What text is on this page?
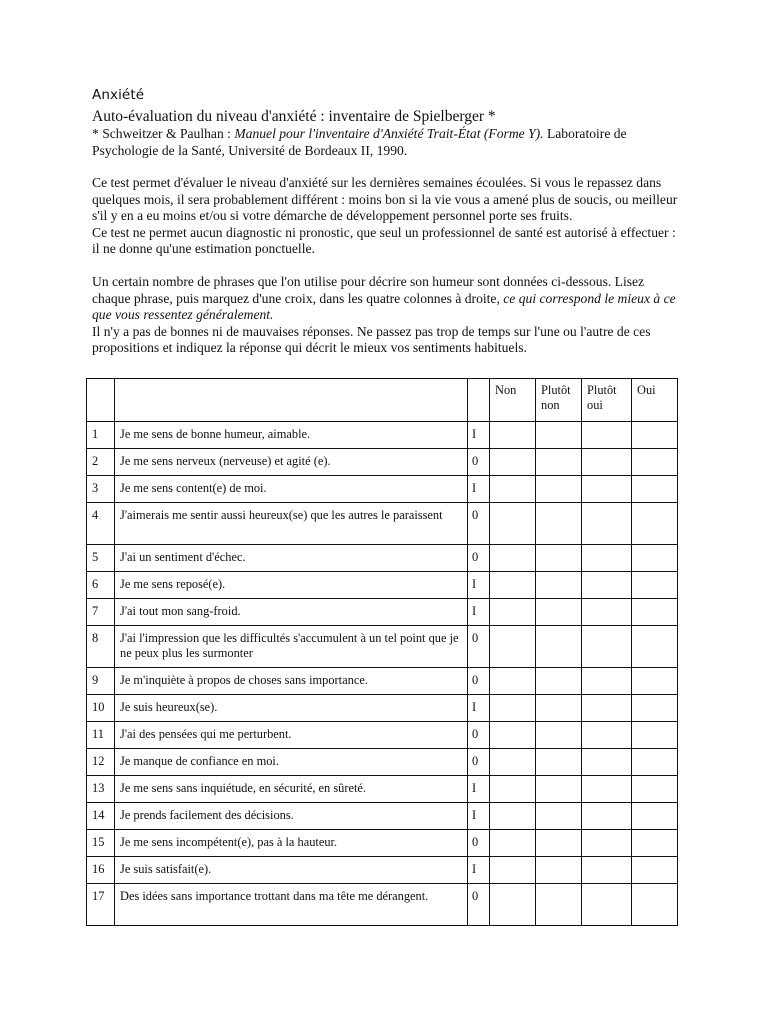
Anxiété

Auto-évaluation du niveau d'anxiété : inventaire de Spielberger *

* Schweitzer & Paulhan : Manuel pour l'inventaire d'Anxiété Trait-État (Forme Y). Laboratoire de Psychologie de la Santé, Université de Bordeaux II, 1990.

Ce test permet d'évaluer le niveau d'anxiété sur les dernières semaines écoulées. Si vous le repassez dans quelques mois, il sera probablement différent : moins bon si la vie vous a amené plus de soucis, ou meilleur s'il y en a eu moins et/ou si votre démarche de développement personnel porte ses fruits.

Ce test ne permet aucun diagnostic ni pronostic, que seul un professionnel de santé est autorisé à effectuer : il ne donne qu'une estimation ponctuelle.

Un certain nombre de phrases que l'on utilise pour décrire son humeur sont données ci-dessous. Lisez chaque phrase, puis marquez d'une croix, dans les quatre colonnes à droite, ce qui correspond le mieux à ce que vous ressentez généralement.

Il n'y a pas de bonnes ni de mauvaises réponses. Ne passez pas trop de temps sur l'une ou l'autre de ces propositions et indiquez la réponse qui décrit le mieux vos sentiments habituels.

			Non	Plutôt non	Plutôt oui	Oui
1	Je me sens de bonne humeur, aimable.	I				
2	Je me sens nerveux (nerveuse) et agité (e).	0				
3	Je me sens content(e) de moi.	I				
4	J'aimerais me sentir aussi heureux(se) que les autres le paraissent	0				
5	J'ai un sentiment d'échec.	0				
6	Je me sens reposé(e).	I				
7	J'ai tout mon sang-froid.	I				
8	J'ai l'impression que les difficultés s'accumulent à un tel point que je ne peux plus les surmonter	0				
9	Je m'inquiète à propos de choses sans importance.	0				
10	Je suis heureux(se).	I				
11	J'ai des pensées qui me perturbent.	0				
12	Je manque de confiance en moi.	0				
13	Je me sens sans inquiétude, en sécurité, en sûreté.	I				
14	Je prends facilement des décisions.	I				
15	Je me sens incompétent(e), pas à la hauteur.	0				
16	Je suis satisfait(e).	I				
17	Des idées sans importance trottant dans ma tête me dérangent.	0				
